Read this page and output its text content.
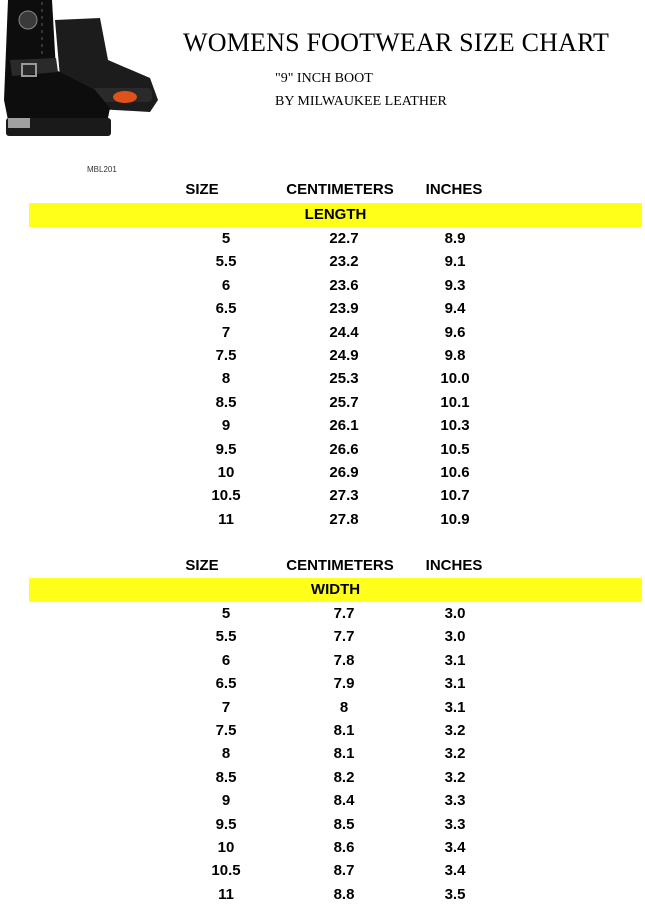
MBL201
WOMENS FOOTWEAR SIZE CHART
"9" INCH BOOT
BY MILWAUKEE LEATHER
SIZE	CENTIMETERS	INCHES
LENGTH
5	22.7	8.9
5.5	23.2	9.1
6	23.6	9.3
6.5	23.9	9.4
7	24.4	9.6
7.5	24.9	9.8
8	25.3	10.0
8.5	25.7	10.1
9	26.1	10.3
9.5	26.6	10.5
10	26.9	10.6
10.5	27.3	10.7
11	27.8	10.9
SIZE	CENTIMETERS	INCHES
WIDTH
5	7.7	3.0
5.5	7.7	3.0
6	7.8	3.1
6.5	7.9	3.1
7	8	3.1
7.5	8.1	3.2
8	8.1	3.2
8.5	8.2	3.2
9	8.4	3.3
9.5	8.5	3.3
10	8.6	3.4
10.5	8.7	3.4
11	8.8	3.5
